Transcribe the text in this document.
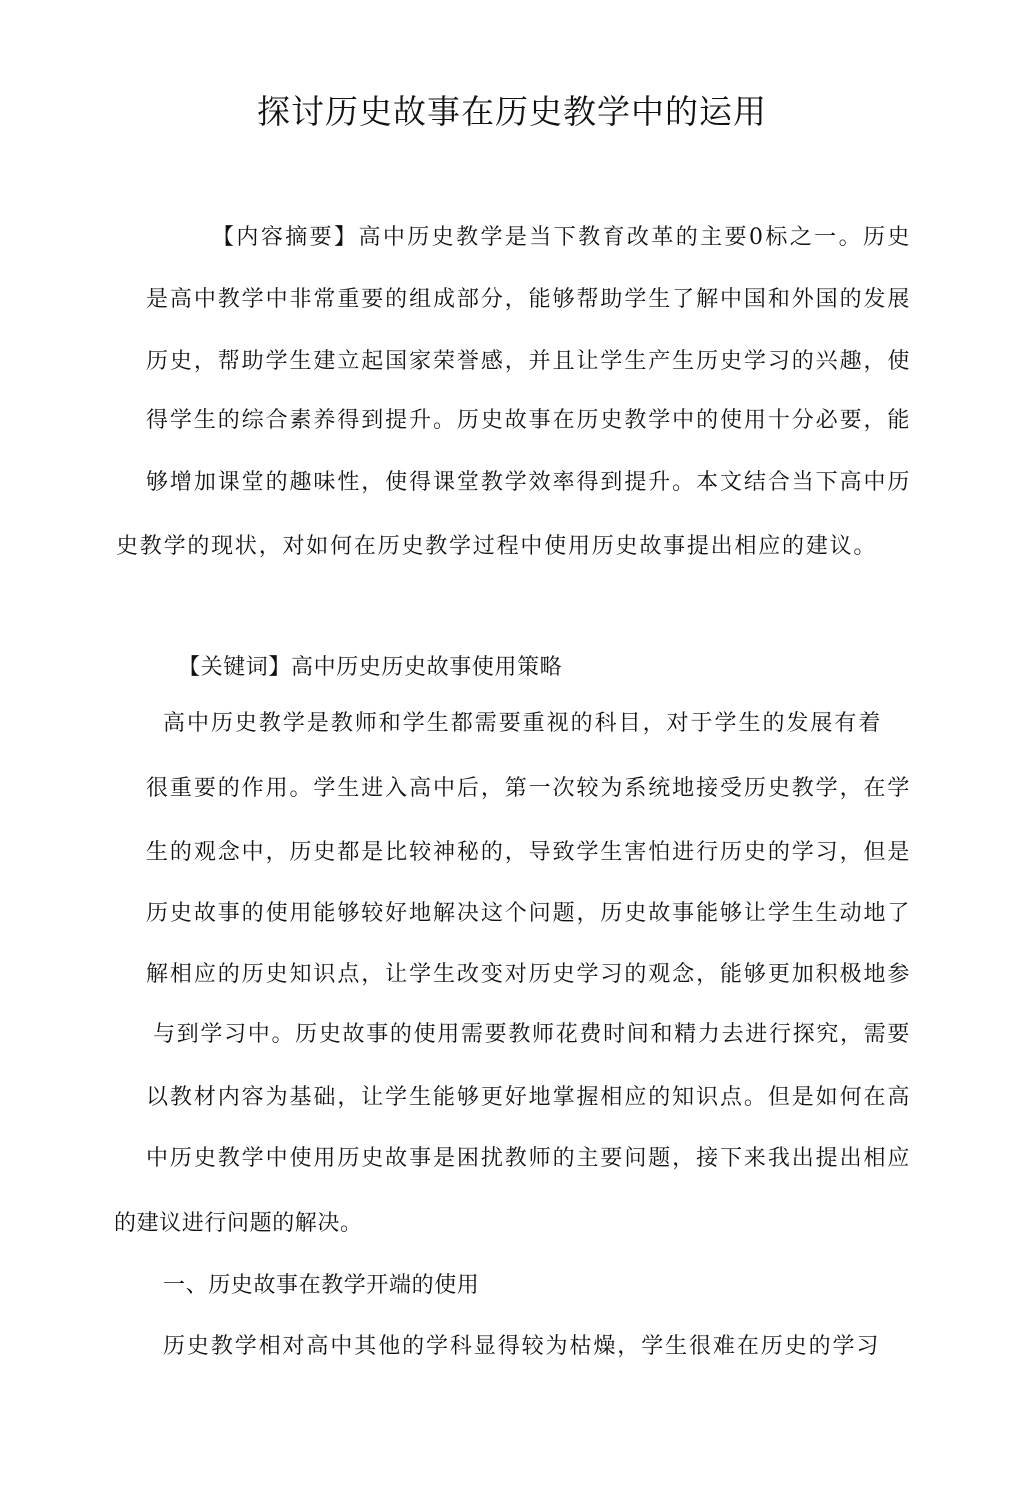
探讨历史故事在历史教学中的运用
【内容摘要】高中历史教学是当下教育改革的主要0标之一。历史
是高中教学中非常重要的组成部分，能够帮助学生了解中国和外国的发展
历史，帮助学生建立起国家荣誉感，并且让学生产生历史学习的兴趣，使
得学生的综合素养得到提升。历史故事在历史教学中的使用十分必要，能
够增加课堂的趣味性，使得课堂教学效率得到提升。本文结合当下高中历
史教学的现状，对如何在历史教学过程中使用历史故事提出相应的建议。
【关键词】高中历史历史故事使用策略
高中历史教学是教师和学生都需要重视的科目，对于学生的发展有着
很重要的作用。学生进入高中后，第一次较为系统地接受历史教学，在学
生的观念中，历史都是比较神秘的，导致学生害怕进行历史的学习，但是
历史故事的使用能够较好地解决这个问题，历史故事能够让学生生动地了
解相应的历史知识点，让学生改变对历史学习的观念，能够更加积极地参
与到学习中。历史故事的使用需要教师花费时间和精力去进行探究，需要
以教材内容为基础，让学生能够更好地掌握相应的知识点。但是如何在高
中历史教学中使用历史故事是困扰教师的主要问题，接下来我出提出相应
的建议进行问题的解决。
一、历史故事在教学开端的使用
历史教学相对高中其他的学科显得较为枯燥，学生很难在历史的学习
